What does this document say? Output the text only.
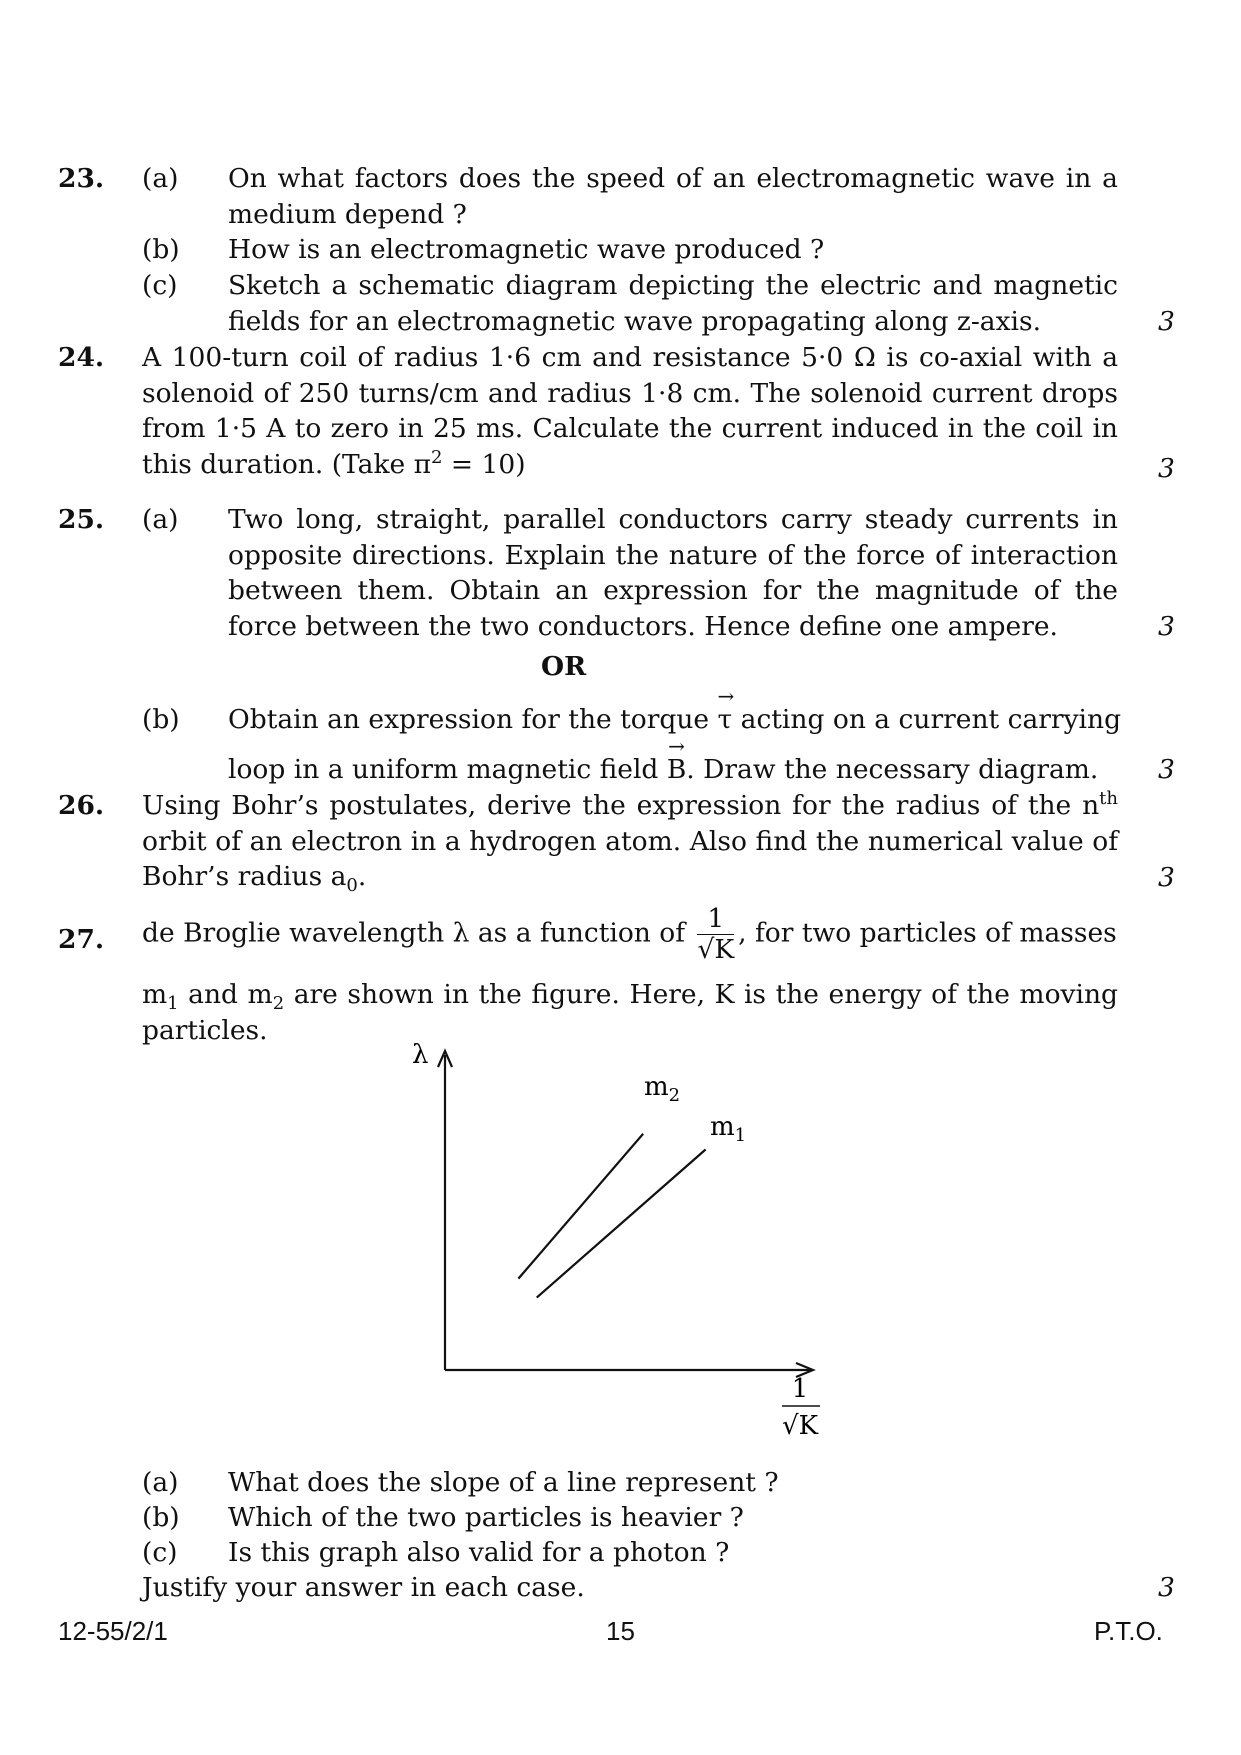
23. (a) On what factors does the speed of an electromagnetic wave in a medium depend ?
(b) How is an electromagnetic wave produced ?
(c) Sketch a schematic diagram depicting the electric and magnetic fields for an electromagnetic wave propagating along z-axis.	3
24. A 100-turn coil of radius 1·6 cm and resistance 5·0 Ω is co-axial with a solenoid of 250 turns/cm and radius 1·8 cm. The solenoid current drops from 1·5 A to zero in 25 ms. Calculate the current induced in the coil in this duration. (Take $\pi^2 = 10$)	3
25. (a) Two long, straight, parallel conductors carry steady currents in opposite directions. Explain the nature of the force of interaction between them. Obtain an expression for the magnitude of the force between the two conductors. Hence define one ampere.	3
OR
(b) Obtain an expression for the torque
→
τ acting on a current carrying
loop in a uniform magnetic field
→
B. Draw the necessary diagram. 3
26. Using Bohr’s postulates, derive the expression for the radius of the $n^{th}$ orbit of an electron in a hydrogen atom. Also find the numerical value of Bohr’s radius $a_0$.	3
27. de Broglie wavelength λ as a function of $\frac{1}{√K}$ , for two particles of masses
$m_1$ and $m_2$ are shown in the figure. Here, K is the energy of the moving particles.
λ
1
√K
$m_2$
$m_1$
(a) What does the slope of a line represent ?
(b) Which of the two particles is heavier ?
(c) Is this graph also valid for a photon ?
Justify your answer in each case.	3
12-55/2/1	15	P.T.O.
